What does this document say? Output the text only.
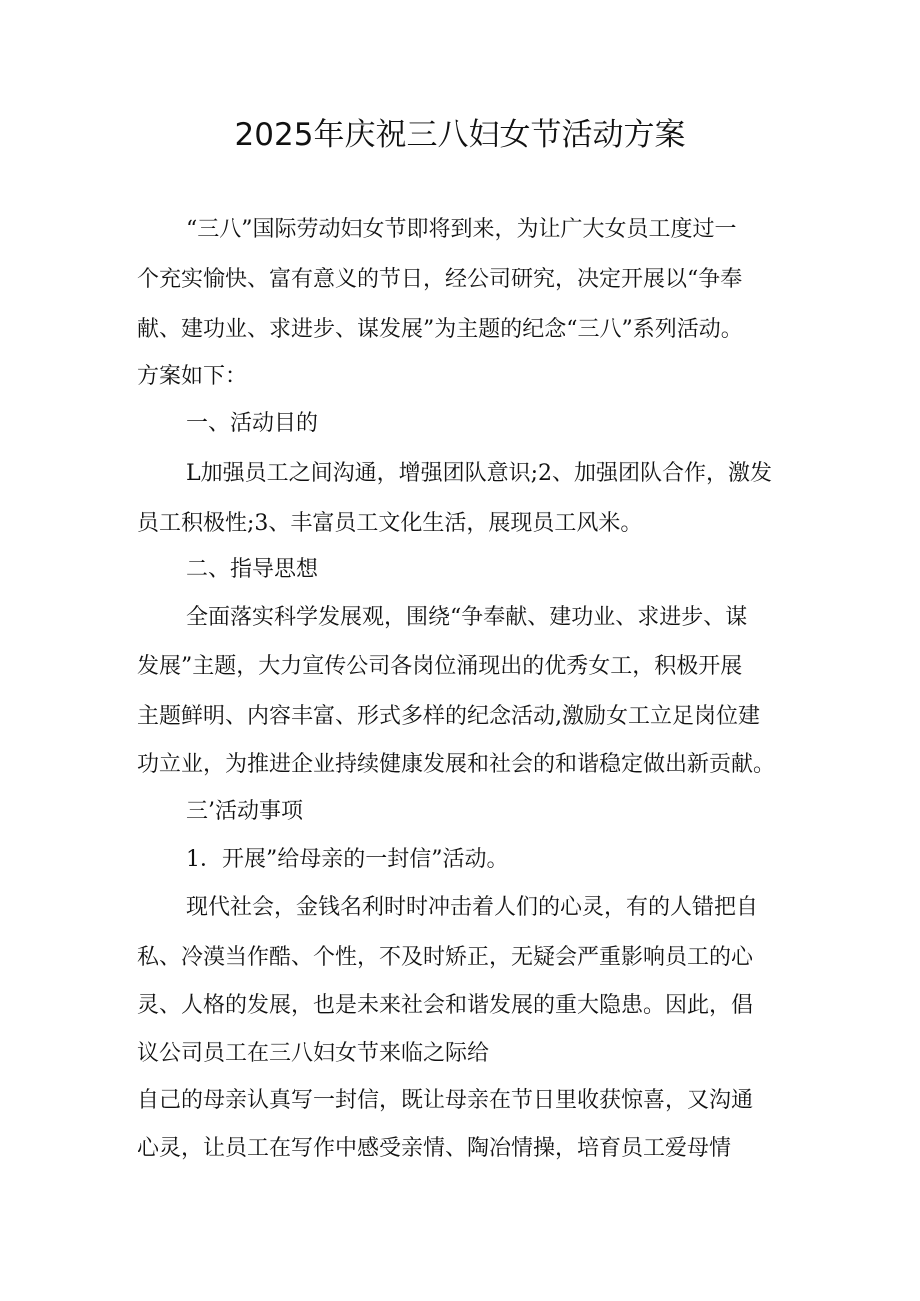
2025年庆祝三八妇女节活动方案
“三八”国际劳动妇女节即将到来，为让广大女员工度过一
个充实愉快、富有意义的节日，经公司研究，决定开展以“争奉
献、建功业、求进步、谋发展”为主题的纪念“三八”系列活动。
方案如下：
一、活动目的
L加强员工之间沟通，增强团队意识;2、加强团队合作，激发
员工积极性;3、丰富员工文化生活，展现员工风米。
二、指导思想
全面落实科学发展观，围绕“争奉献、建功业、求进步、谋
发展”主题，大力宣传公司各岗位涌现出的优秀女工，积极开展
主题鲜明、内容丰富、形式多样的纪念活动,激励女工立足岗位建
功立业，为推进企业持续健康发展和社会的和谐稳定做出新贡献。
三’活动事项
1．开展”给母亲的一封信”活动。
现代社会，金钱名利时时冲击着人们的心灵，有的人错把自
私、冷漠当作酷、个性，不及时矫正，无疑会严重影响员工的心
灵、人格的发展，也是未来社会和谐发展的重大隐患。因此，倡
议公司员工在三八妇女节来临之际给
自己的母亲认真写一封信，既让母亲在节日里收获惊喜，又沟通
心灵，让员工在写作中感受亲情、陶冶情操，培育员工爱母情
